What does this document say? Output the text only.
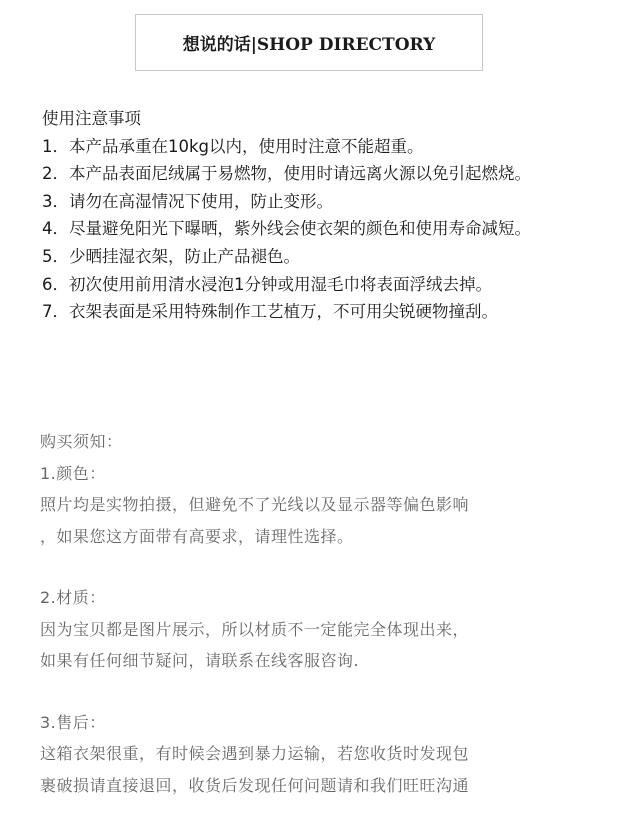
想说的话|SHOP DIRECTORY

使用注意事项

1．本产品承重在10kg以内，使用时注意不能超重。

2．本产品表面尼绒属于易燃物，使用时请远离火源以免引起燃烧。

3．请勿在高湿情况下使用，防止变形。

4．尽量避免阳光下曝晒，紫外线会使衣架的颜色和使用寿命减短。

5．少晒挂湿衣架，防止产品褪色。

6．初次使用前用清水浸泡1分钟或用湿毛巾将表面浮绒去掉。

7．衣架表面是采用特殊制作工艺植万，不可用尖锐硬物撞刮。

购买须知：

1.颜色：

照片均是实物拍摄，但避免不了光线以及显示器等偏色影响

，如果您这方面带有高要求，请理性选择。

2.材质：

因为宝贝都是图片展示，所以材质不一定能完全体现出来，

如果有任何细节疑问，请联系在线客服咨询.

3.售后：

这箱衣架很重，有时候会遇到暴力运输，若您收货时发现包

裹破损请直接退回，收货后发现任何问题请和我们旺旺沟通
